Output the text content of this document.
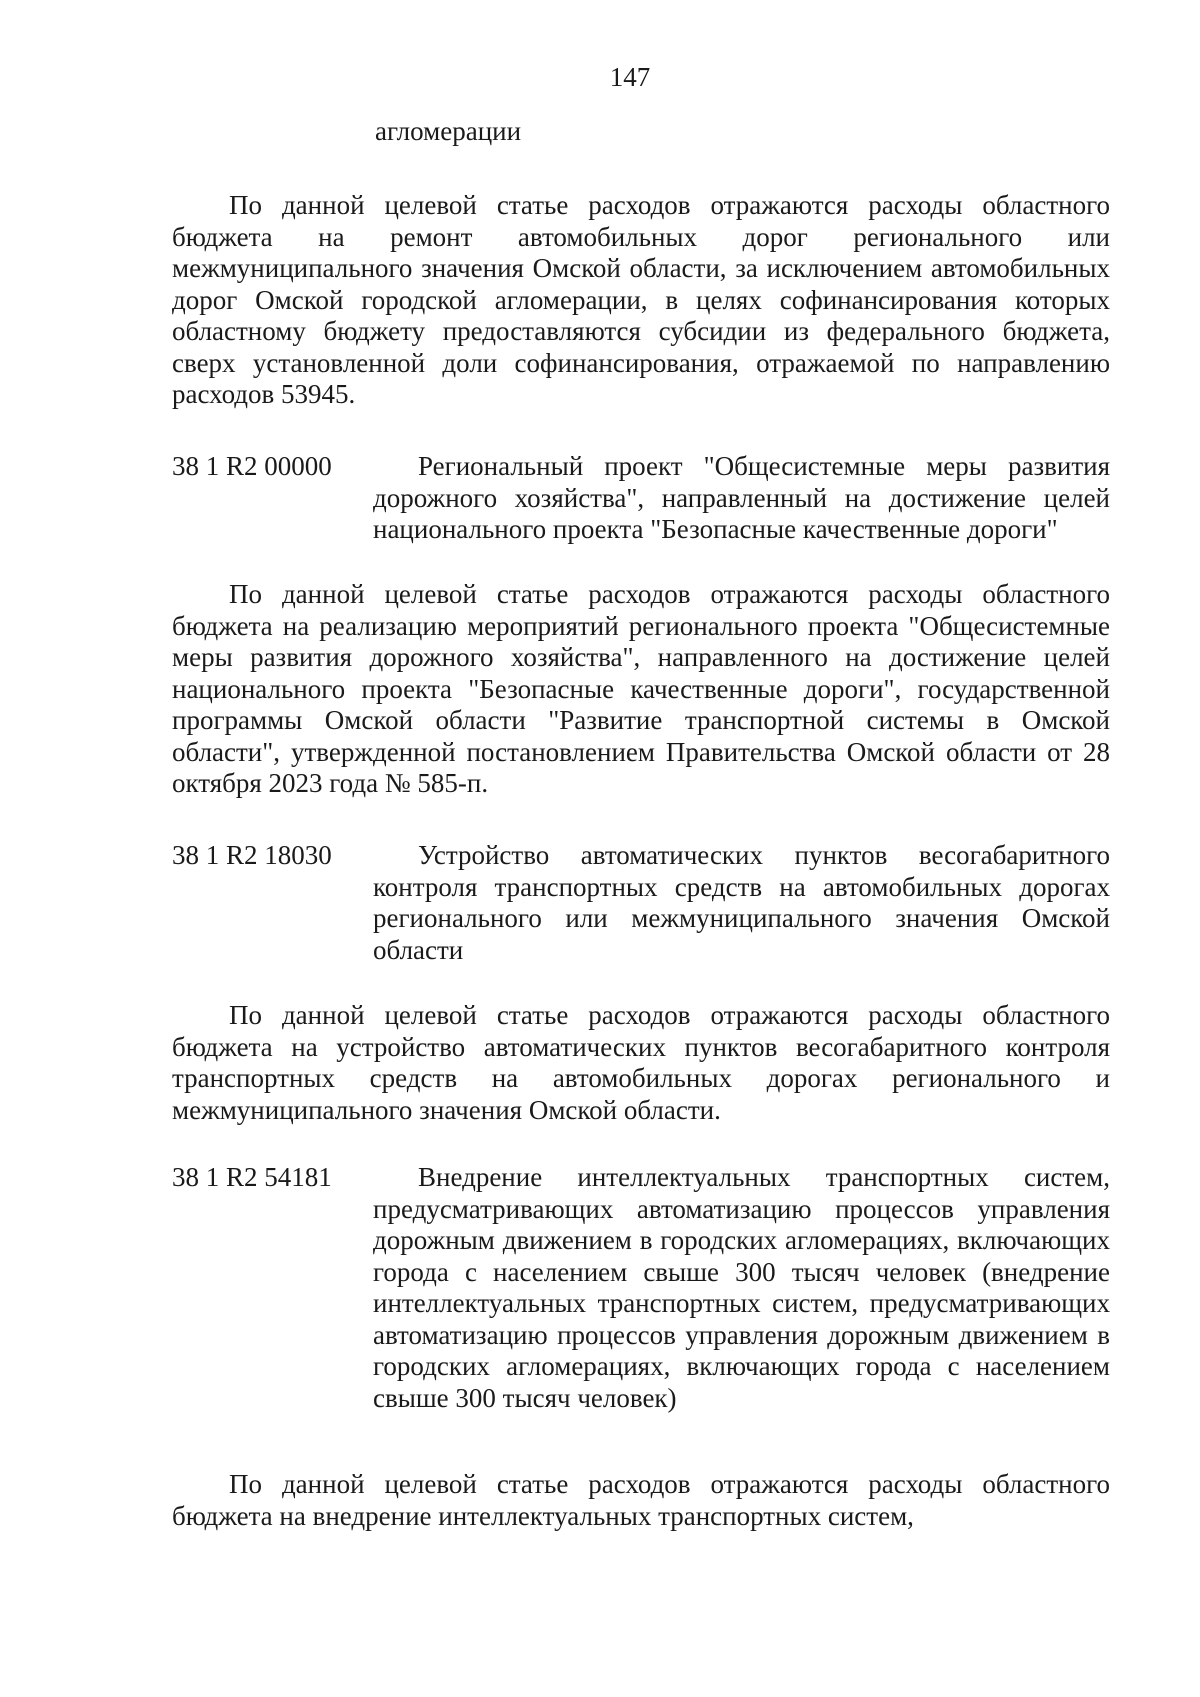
147
агломерации

По данной целевой статье расходов отражаются расходы областного бюджета на ремонт автомобильных дорог регионального или межмуниципального значения Омской области, за исключением автомобильных дорог Омской городской агломерации, в целях софинансирования которых областному бюджету предоставляются субсидии из федерального бюджета, сверх установленной доли софинансирования, отражаемой по направлению расходов 53945.

38 1 R2 00000	Региональный проект "Общесистемные меры развития дорожного хозяйства", направленный на достижение целей национального проекта "Безопасные качественные дороги"

По данной целевой статье расходов отражаются расходы областного бюджета на реализацию мероприятий регионального проекта "Общесистемные меры развития дорожного хозяйства", направленного на достижение целей национального проекта "Безопасные качественные дороги", государственной программы Омской области "Развитие транспортной системы в Омской области", утвержденной постановлением Правительства Омской области от 28 октября 2023 года № 585-п.

38 1 R2 18030	Устройство автоматических пунктов весогабаритного контроля транспортных средств на автомобильных дорогах регионального или межмуниципального значения Омской области

По данной целевой статье расходов отражаются расходы областного бюджета на устройство автоматических пунктов весогабаритного контроля транспортных средств на автомобильных дорогах регионального и межмуниципального значения Омской области.

38 1 R2 54181	Внедрение интеллектуальных транспортных систем, предусматривающих автоматизацию процессов управления дорожным движением в городских агломерациях, включающих города с населением свыше 300 тысяч человек (внедрение интеллектуальных транспортных систем, предусматривающих автоматизацию процессов управления дорожным движением в городских агломерациях, включающих города с населением свыше 300 тысяч человек)

По данной целевой статье расходов отражаются расходы областного бюджета на внедрение интеллектуальных транспортных систем,
